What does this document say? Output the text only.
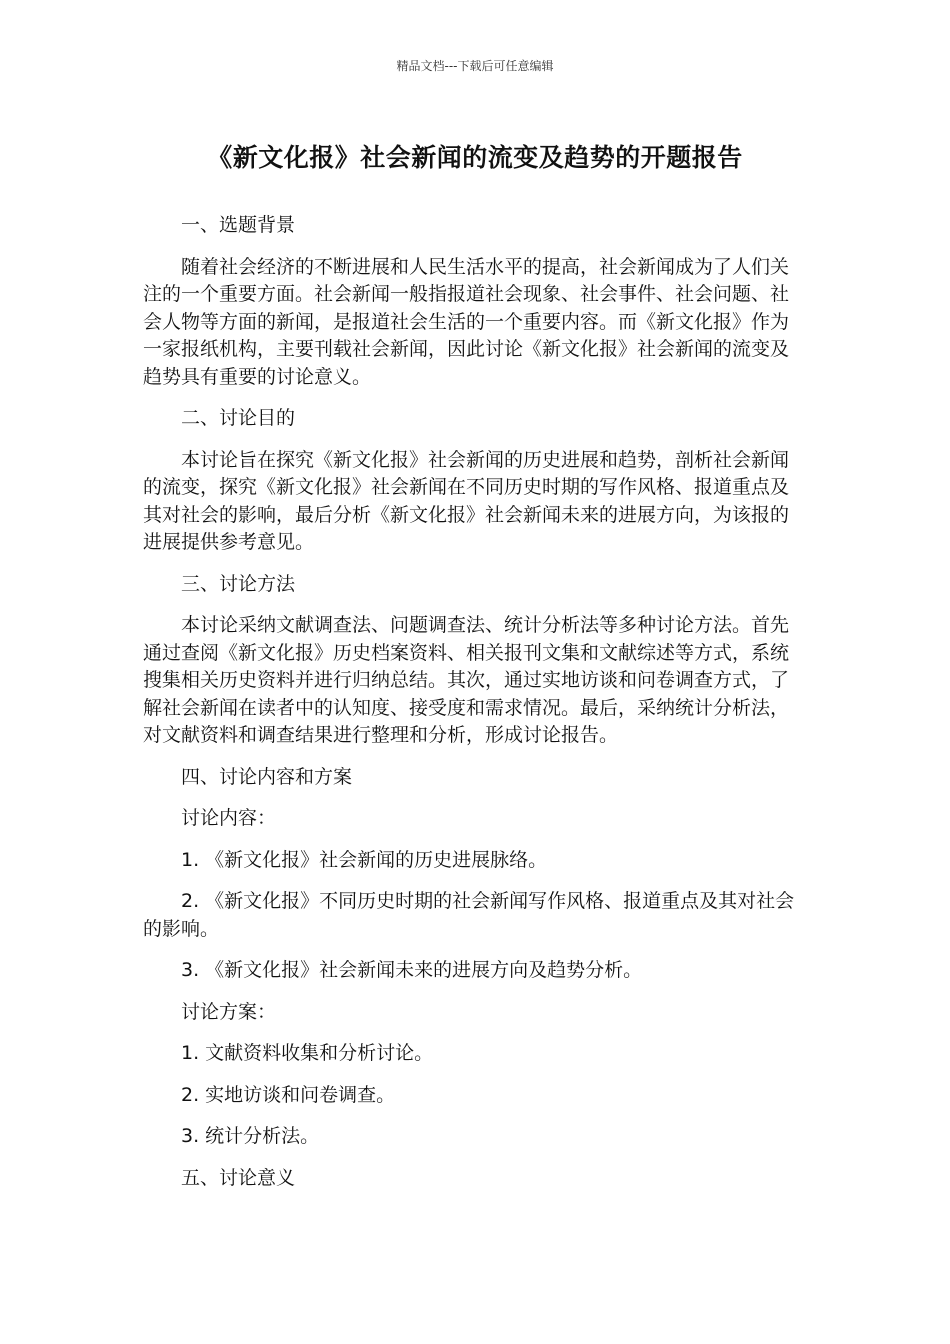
精品文档---下载后可任意编辑
《新文化报》社会新闻的流变及趋势的开题报告

一、选题背景

随着社会经济的不断进展和人民生活水平的提高，社会新闻成为了人们关注的一个重要方面。社会新闻一般指报道社会现象、社会事件、社会问题、社会人物等方面的新闻，是报道社会生活的一个重要内容。而《新文化报》作为一家报纸机构，主要刊载社会新闻，因此讨论《新文化报》社会新闻的流变及趋势具有重要的讨论意义。

二、讨论目的

本讨论旨在探究《新文化报》社会新闻的历史进展和趋势，剖析社会新闻的流变，探究《新文化报》社会新闻在不同历史时期的写作风格、报道重点及其对社会的影响，最后分析《新文化报》社会新闻未来的进展方向，为该报的进展提供参考意见。

三、讨论方法

本讨论采纳文献调查法、问题调查法、统计分析法等多种讨论方法。首先通过查阅《新文化报》历史档案资料、相关报刊文集和文献综述等方式，系统搜集相关历史资料并进行归纳总结。其次，通过实地访谈和问卷调查方式，了解社会新闻在读者中的认知度、接受度和需求情况。最后，采纳统计分析法，对文献资料和调查结果进行整理和分析，形成讨论报告。

四、讨论内容和方案

讨论内容：

1. 《新文化报》社会新闻的历史进展脉络。

2. 《新文化报》不同历史时期的社会新闻写作风格、报道重点及其对社会的影响。

3. 《新文化报》社会新闻未来的进展方向及趋势分析。

讨论方案：

1. 文献资料收集和分析讨论。

2. 实地访谈和问卷调查。

3. 统计分析法。

五、讨论意义
